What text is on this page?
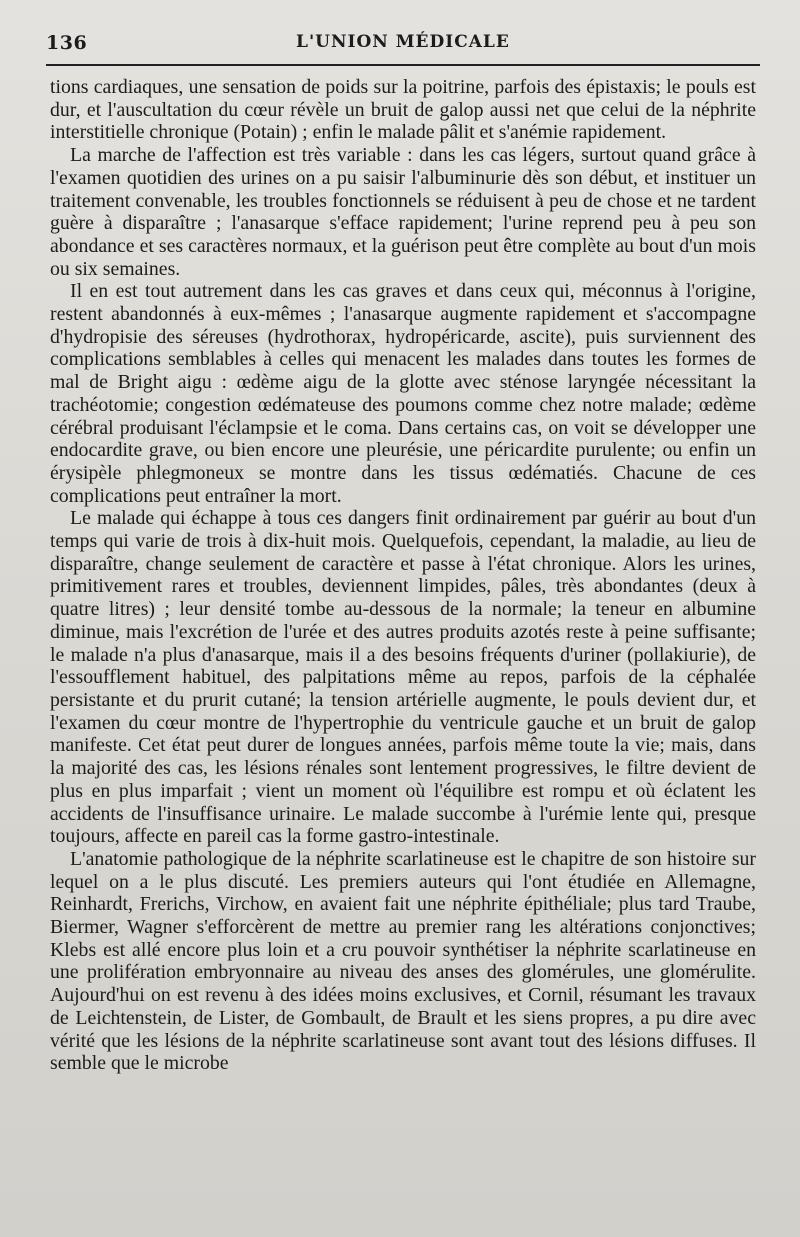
136	L'UNION MÉDICALE

tions cardiaques, une sensation de poids sur la poitrine, parfois des épistaxis; le pouls est dur, et l'auscultation du cœur révèle un bruit de galop aussi net que celui de la néphrite interstitielle chronique (Potain) ; enfin le malade pâlit et s'anémie rapidement.

La marche de l'affection est très variable : dans les cas légers, surtout quand grâce à l'examen quotidien des urines on a pu saisir l'albuminurie dès son début, et instituer un traitement convenable, les troubles fonctionnels se réduisent à peu de chose et ne tardent guère à disparaître ; l'anasarque s'efface rapidement; l'urine reprend peu à peu son abondance et ses caractères normaux, et la guérison peut être complète au bout d'un mois ou six semaines.

Il en est tout autrement dans les cas graves et dans ceux qui, méconnus à l'origine, restent abandonnés à eux-mêmes ; l'anasarque augmente rapidement et s'accompagne d'hydropisie des séreuses (hydrothorax, hydropéricarde, ascite), puis surviennent des complications semblables à celles qui menacent les malades dans toutes les formes de mal de Bright aigu : œdème aigu de la glotte avec sténose laryngée nécessitant la trachéotomie; congestion œdémateuse des poumons comme chez notre malade; œdème cérébral produisant l'éclampsie et le coma. Dans certains cas, on voit se développer une endocardite grave, ou bien encore une pleurésie, une péricardite purulente; ou enfin un érysipèle phlegmoneux se montre dans les tissus œdématiés. Chacune de ces complications peut entraîner la mort.

Le malade qui échappe à tous ces dangers finit ordinairement par guérir au bout d'un temps qui varie de trois à dix-huit mois. Quelquefois, cependant, la maladie, au lieu de disparaître, change seulement de caractère et passe à l'état chronique. Alors les urines, primitivement rares et troubles, deviennent limpides, pâles, très abondantes (deux à quatre litres) ; leur densité tombe au-dessous de la normale; la teneur en albumine diminue, mais l'excrétion de l'urée et des autres produits azotés reste à peine suffisante; le malade n'a plus d'anasarque, mais il a des besoins fréquents d'uriner (pollakiurie), de l'essoufflement habituel, des palpitations même au repos, parfois de la céphalée persistante et du prurit cutané; la tension artérielle augmente, le pouls devient dur, et l'examen du cœur montre de l'hypertrophie du ventricule gauche et un bruit de galop manifeste. Cet état peut durer de longues années, parfois même toute la vie; mais, dans la majorité des cas, les lésions rénales sont lentement progressives, le filtre devient de plus en plus imparfait ; vient un moment où l'équilibre est rompu et où éclatent les accidents de l'insuffisance urinaire. Le malade succombe à l'urémie lente qui, presque toujours, affecte en pareil cas la forme gastro-intestinale.

L'anatomie pathologique de la néphrite scarlatineuse est le chapitre de son histoire sur lequel on a le plus discuté. Les premiers auteurs qui l'ont étudiée en Allemagne, Reinhardt, Frerichs, Virchow, en avaient fait une néphrite épithéliale; plus tard Traube, Biermer, Wagner s'efforcèrent de mettre au premier rang les altérations conjonctives; Klebs est allé encore plus loin et a cru pouvoir synthétiser la néphrite scarlatineuse en une prolifération embryonnaire au niveau des anses des glomérules, une glomérulite. Aujourd'hui on est revenu à des idées moins exclusives, et Cornil, résumant les travaux de Leichtenstein, de Lister, de Gombault, de Brault et les siens propres, a pu dire avec vérité que les lésions de la néphrite scarlatineuse sont avant tout des lésions diffuses. Il semble que le microbe
